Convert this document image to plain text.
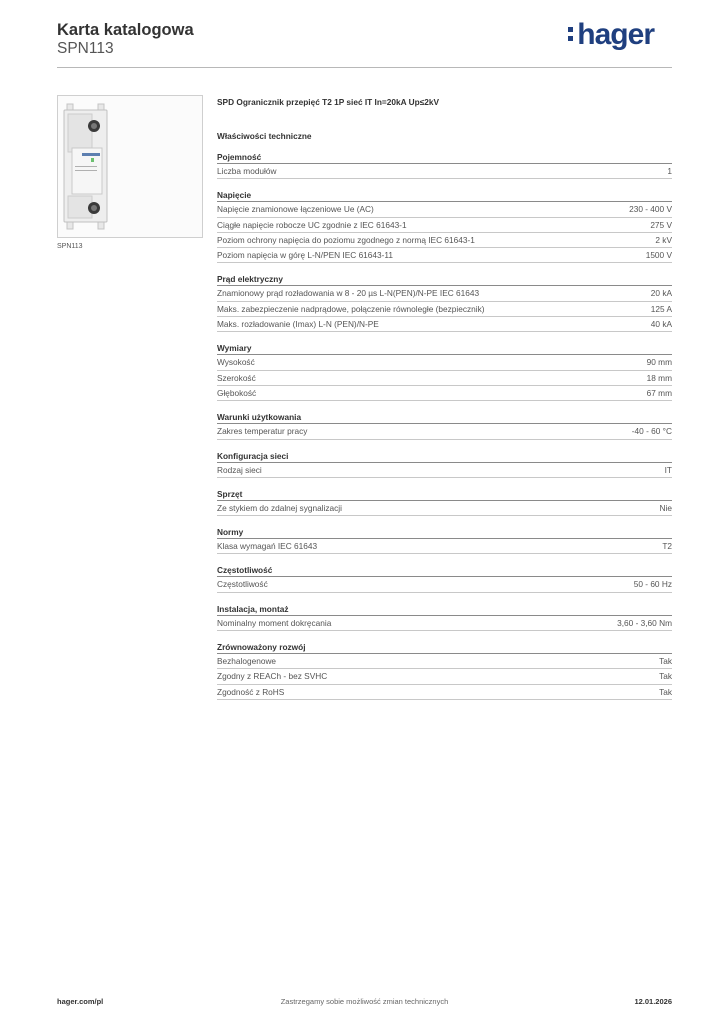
Karta katalogowa
SPN113	hager
SPN113
SPD Ogranicznik przepięć T2 1P sieć IT In=20kA Up≤2kV
Właściwości techniczne
Pojemność
Liczba modułów	1
Napięcie
Napięcie znamionowe łączeniowe Ue (AC)	230 - 400 V
Ciągłe napięcie robocze UC zgodnie z IEC 61643-1	275 V
Poziom ochrony napięcia do poziomu zgodnego z normą IEC 61643-1	2 kV
Poziom napięcia w górę L-N/PEN IEC 61643-11	1500 V
Prąd elektryczny
Znamionowy prąd rozładowania w 8 - 20 µs L-N(PEN)/N-PE IEC 61643	20 kA
Maks. zabezpieczenie nadprądowe, połączenie równoległe (bezpiecznik)	125 A
Maks. rozładowanie (Imax) L-N (PEN)/N-PE	40 kA
Wymiary
Wysokość	90 mm
Szerokość	18 mm
Głębokość	67 mm
Warunki użytkowania
Zakres temperatur pracy	-40 - 60 °C
Konfiguracja sieci
Rodzaj sieci	IT
Sprzęt
Ze stykiem do zdalnej sygnalizacji	Nie
Normy
Klasa wymagań IEC 61643	T2
Częstotliwość
Częstotliwość	50 - 60 Hz
Instalacja, montaż
Nominalny moment dokręcania	3,60 - 3,60 Nm
Zrównoważony rozwój
Bezhalogenowe	Tak
Zgodny z REACh - bez SVHC	Tak
Zgodność z RoHS	Tak
Zastrzegamy sobie możliwość zmian technicznych
hager.com/pl	12.01.2026
